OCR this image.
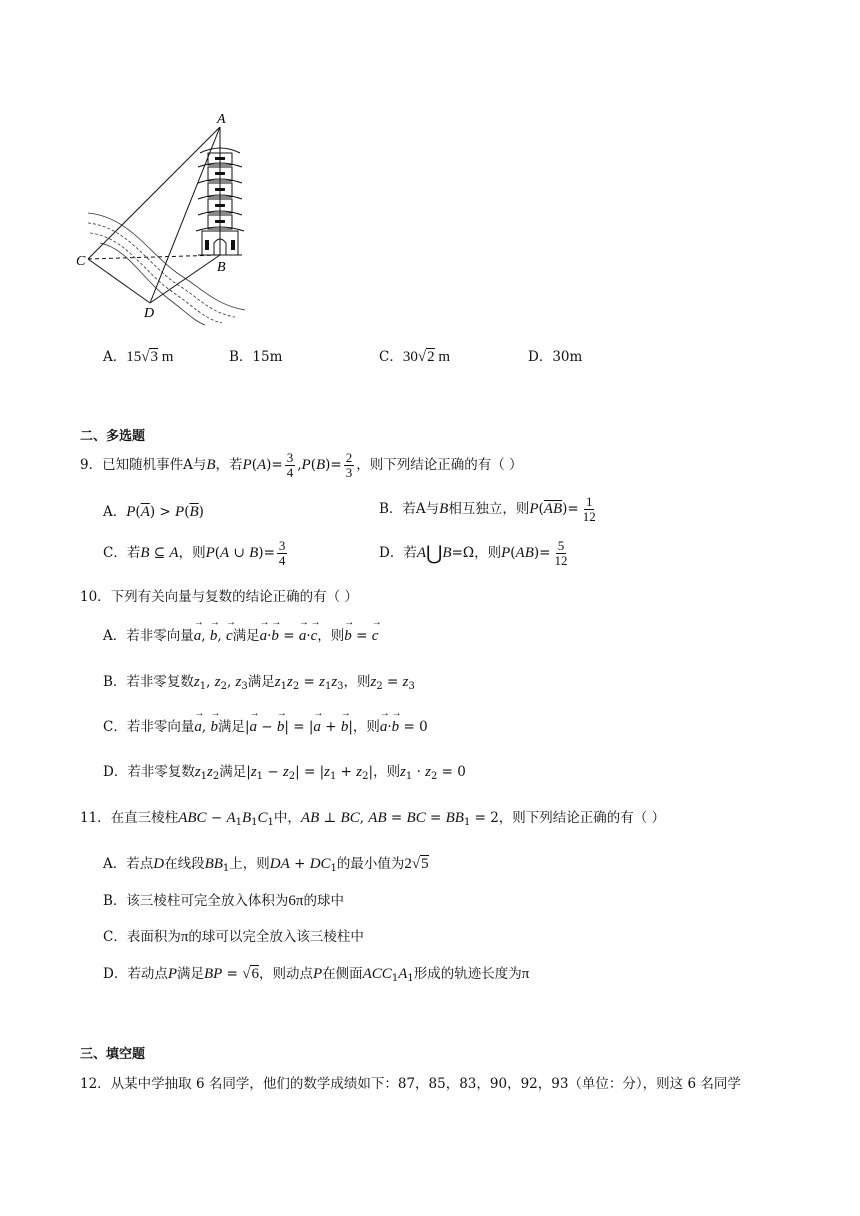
A
B
C
D
A．15√3 m	B．15m	C．30√2 m	D．30m
二、多选题
9．已知随机事件A与B，若$P(A)= \frac{3}{4} ,P(B)= \frac{2}{3}$ ，则下列结论正确的有（ ）
A．$P(\overline{A}) > P(\overline{B})$	B．若A与B相互独立，则$P(\overline{AB})= \frac{1}{12}$
C．若B ⊆ A，则P(A ∪ $B)= \frac{3}{4}$	D．若A⋃B=Ω，则$P(AB)= \frac{5}{12}$
10．下列有关向量与复数的结论正确的有（ ）
A．若非零向量→ a, → b, → c满足→ a·→ b = → a·→ c，则→ b = → c
B．若非零复数$z_1$, $z_2$, $z_3$满足$z_1z_2 = z_1z_3$，则$z_2 = z_3$
C．若非零向量→ a, → b满足|→ a − → b| = |→ a + → b|，则→ a·→ b = 0
D．若非零复数$z_1z_2$满足$|z_1 - z_2| = |z_1 + z_2|$，则$z_1 \cdot z_2 = 0$
11．在直三棱柱ABC − $A_1B_1C_1$中，AB ⊥ BC, AB = BC = $BB_1 = 2$，则下列结论正确的有（ ）
A．若点D在线段$BB_1$上，则DA + $DC_1$的最小值为2√5
B．该三棱柱可完全放入体积为6π的球中
C．表面积为π的球可以完全放入该三棱柱中
D．若动点P满足BP = √6，则动点P在侧面$ACC_1A_1$形成的轨迹长度为π
三、填空题
12．从某中学抽取 6 名同学，他们的数学成绩如下：87，85，83，90，92，93（单位：分），则这 6 名同学
